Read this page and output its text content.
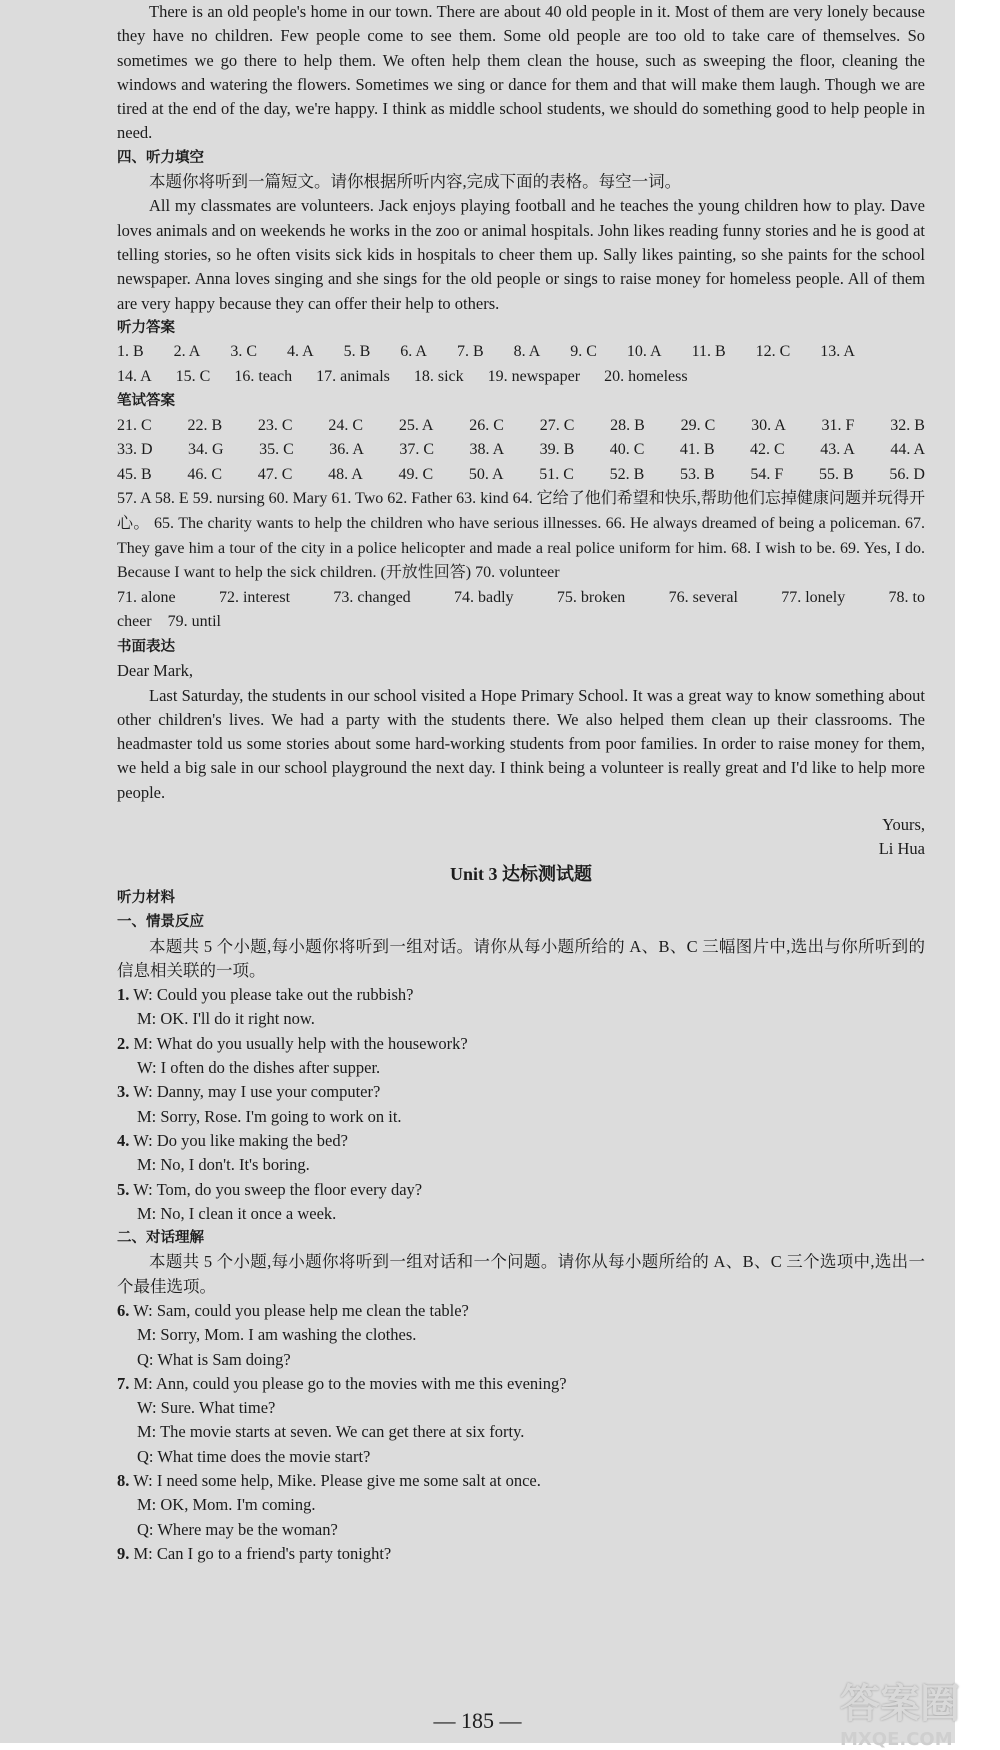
There is an old people's home in our town. There are about 40 old people in it. Most of them are very lonely because they have no children. Few people come to see them. Some old people are too old to take care of themselves. So sometimes we go there to help them. We often help them clean the house, such as sweeping the floor, cleaning the windows and watering the flowers. Sometimes we sing or dance for them and that will make them laugh. Though we are tired at the end of the day, we're happy. I think as middle school students, we should do something good to help people in need.

四、听力填空

本题你将听到一篇短文。请你根据所听内容,完成下面的表格。每空一词。

All my classmates are volunteers. Jack enjoys playing football and he teaches the young children how to play. Dave loves animals and on weekends he works in the zoo or animal hospitals. John likes reading funny stories and he is good at telling stories, so he often visits sick kids in hospitals to cheer them up. Sally likes painting, so she paints for the school newspaper. Anna loves singing and she sings for the old people or sings to raise money for homeless people. All of them are very happy because they can offer their help to others.

听力答案

1. B 2. A 3. C 4. A 5. B 6. A 7. B 8. A 9. C 10. A 11. B 12. C 13. A
14. A 15. C 16. teach 17. animals 18. sick 19. newspaper 20. homeless

笔试答案

21. C 22. B 23. C 24. C 25. A 26. C 27. C 28. B 29. C 30. A 31. F 32. B
33. D 34. G 35. C 36. A 37. C 38. A 39. B 40. C 41. B 42. C 43. A 44. A
45. B 46. C 47. C 48. A 49. C 50. A 51. C 52. B 53. B 54. F 55. B 56. D

57. A 58. E 59. nursing 60. Mary 61. Two 62. Father 63. kind 64. 它给了他们希望和快乐,帮助他们忘掉健康问题并玩得开心。 65. The charity wants to help the children who have serious illnesses. 66. He always dreamed of being a policeman. 67. They gave him a tour of the city in a police helicopter and made a real police uniform for him. 68. I wish to be. 69. Yes, I do. Because I want to help the sick children. (开放性回答) 70. volunteer

71. alone	72. interest	73. changed	74. badly	75. broken	76. several	77. lonely	78. to
cheer 79. until

书面表达

Dear Mark,

Last Saturday, the students in our school visited a Hope Primary School. It was a great way to know something about other children's lives. We had a party with the students there. We also helped them clean up their classrooms. The headmaster told us some stories about some hard-working students from poor families. In order to raise money for them, we held a big sale in our school playground the next day. I think being a volunteer is really great and I'd like to help more people.

Yours,

Li Hua

Unit 3 达标测试题

听力材料

一、情景反应

本题共 5 个小题,每小题你将听到一组对话。请你从每小题所给的 A、B、C 三幅图片中,选出与你所听到的信息相关联的一项。

1. W: Could you please take out the rubbish?

M: OK. I'll do it right now.

2. M: What do you usually help with the housework?

W: I often do the dishes after supper.

3. W: Danny, may I use your computer?

M: Sorry, Rose. I'm going to work on it.

4. W: Do you like making the bed?

M: No, I don't. It's boring.

5. W: Tom, do you sweep the floor every day?

M: No, I clean it once a week.

二、对话理解

本题共 5 个小题,每小题你将听到一组对话和一个问题。请你从每小题所给的 A、B、C 三个选项中,选出一个最佳选项。

6. W: Sam, could you please help me clean the table?

M: Sorry, Mom. I am washing the clothes.

Q: What is Sam doing?

7. M: Ann, could you please go to the movies with me this evening?

W: Sure. What time?

M: The movie starts at seven. We can get there at six forty.

Q: What time does the movie start?

8. W: I need some help, Mike. Please give me some salt at once.

M: OK, Mom. I'm coming.

Q: Where may be the woman?

9. M: Can I go to a friend's party tonight?

— 185 —	答案圈
MXQE.COM
